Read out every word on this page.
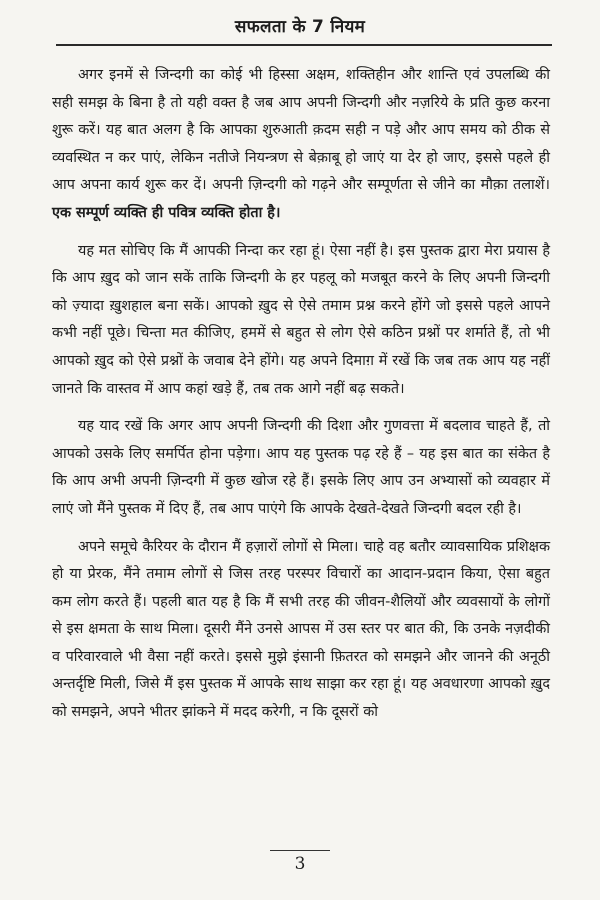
सफलता के 7 नियम

अगर इनमें से जिन्दगी का कोई भी हिस्सा अक्षम, शक्तिहीन और शान्ति एवं उपलब्धि की सही समझ के बिना है तो यही वक्त है जब आप अपनी जिन्दगी और नज़रिये के प्रति कुछ करना शुरू करें। यह बात अलग है कि आपका शुरुआती क़दम सही न पड़े और आप समय को ठीक से व्यवस्थित न कर पाएं, लेकिन नतीजे नियन्त्रण से बेक़ाबू हो जाएं या देर हो जाए, इससे पहले ही आप अपना कार्य शुरू कर दें। अपनी ज़िन्दगी को गढ़ने और सम्पूर्णता से जीने का मौक़ा तलाशें। एक सम्पूर्ण व्यक्ति ही पवित्र व्यक्ति होता है।

यह मत सोचिए कि मैं आपकी निन्दा कर रहा हूं। ऐसा नहीं है। इस पुस्तक द्वारा मेरा प्रयास है कि आप ख़ुद को जान सकें ताकि जिन्दगी के हर पहलू को मजबूत करने के लिए अपनी जिन्दगी को ज़्यादा ख़ुशहाल बना सकें। आपको ख़ुद से ऐसे तमाम प्रश्न करने होंगे जो इससे पहले आपने कभी नहीं पूछे। चिन्ता मत कीजिए, हममें से बहुत से लोग ऐसे कठिन प्रश्नों पर शर्माते हैं, तो भी आपको ख़ुद को ऐसे प्रश्नों के जवाब देने होंगे। यह अपने दिमाग़ में रखें कि जब तक आप यह नहीं जानते कि वास्तव में आप कहां खड़े हैं, तब तक आगे नहीं बढ़ सकते।

यह याद रखें कि अगर आप अपनी जिन्दगी की दिशा और गुणवत्ता में बदलाव चाहते हैं, तो आपको उसके लिए समर्पित होना पड़ेगा। आप यह पुस्तक पढ़ रहे हैं – यह इस बात का संकेत है कि आप अभी अपनी ज़िन्दगी में कुछ खोज रहे हैं। इसके लिए आप उन अभ्यासों को व्यवहार में लाएं जो मैंने पुस्तक में दिए हैं, तब आप पाएंगे कि आपके देखते-देखते जिन्दगी बदल रही है।

अपने समूचे कैरियर के दौरान मैं हज़ारों लोगों से मिला। चाहे वह बतौर व्यावसायिक प्रशिक्षक हो या प्रेरक, मैंने तमाम लोगों से जिस तरह परस्पर विचारों का आदान-प्रदान किया, ऐसा बहुत कम लोग करते हैं। पहली बात यह है कि मैं सभी तरह की जीवन-शैलियों और व्यवसायों के लोगों से इस क्षमता के साथ मिला। दूसरी मैंने उनसे आपस में उस स्तर पर बात की, कि उनके नज़दीकी व परिवारवाले भी वैसा नहीं करते। इससे मुझे इंसानी फ़ितरत को समझने और जानने की अनूठी अन्तर्दृष्टि मिली, जिसे मैं इस पुस्तक में आपके साथ साझा कर रहा हूं। यह अवधारणा आपको ख़ुद को समझने, अपने भीतर झांकने में मदद करेगी, न कि दूसरों को

3
